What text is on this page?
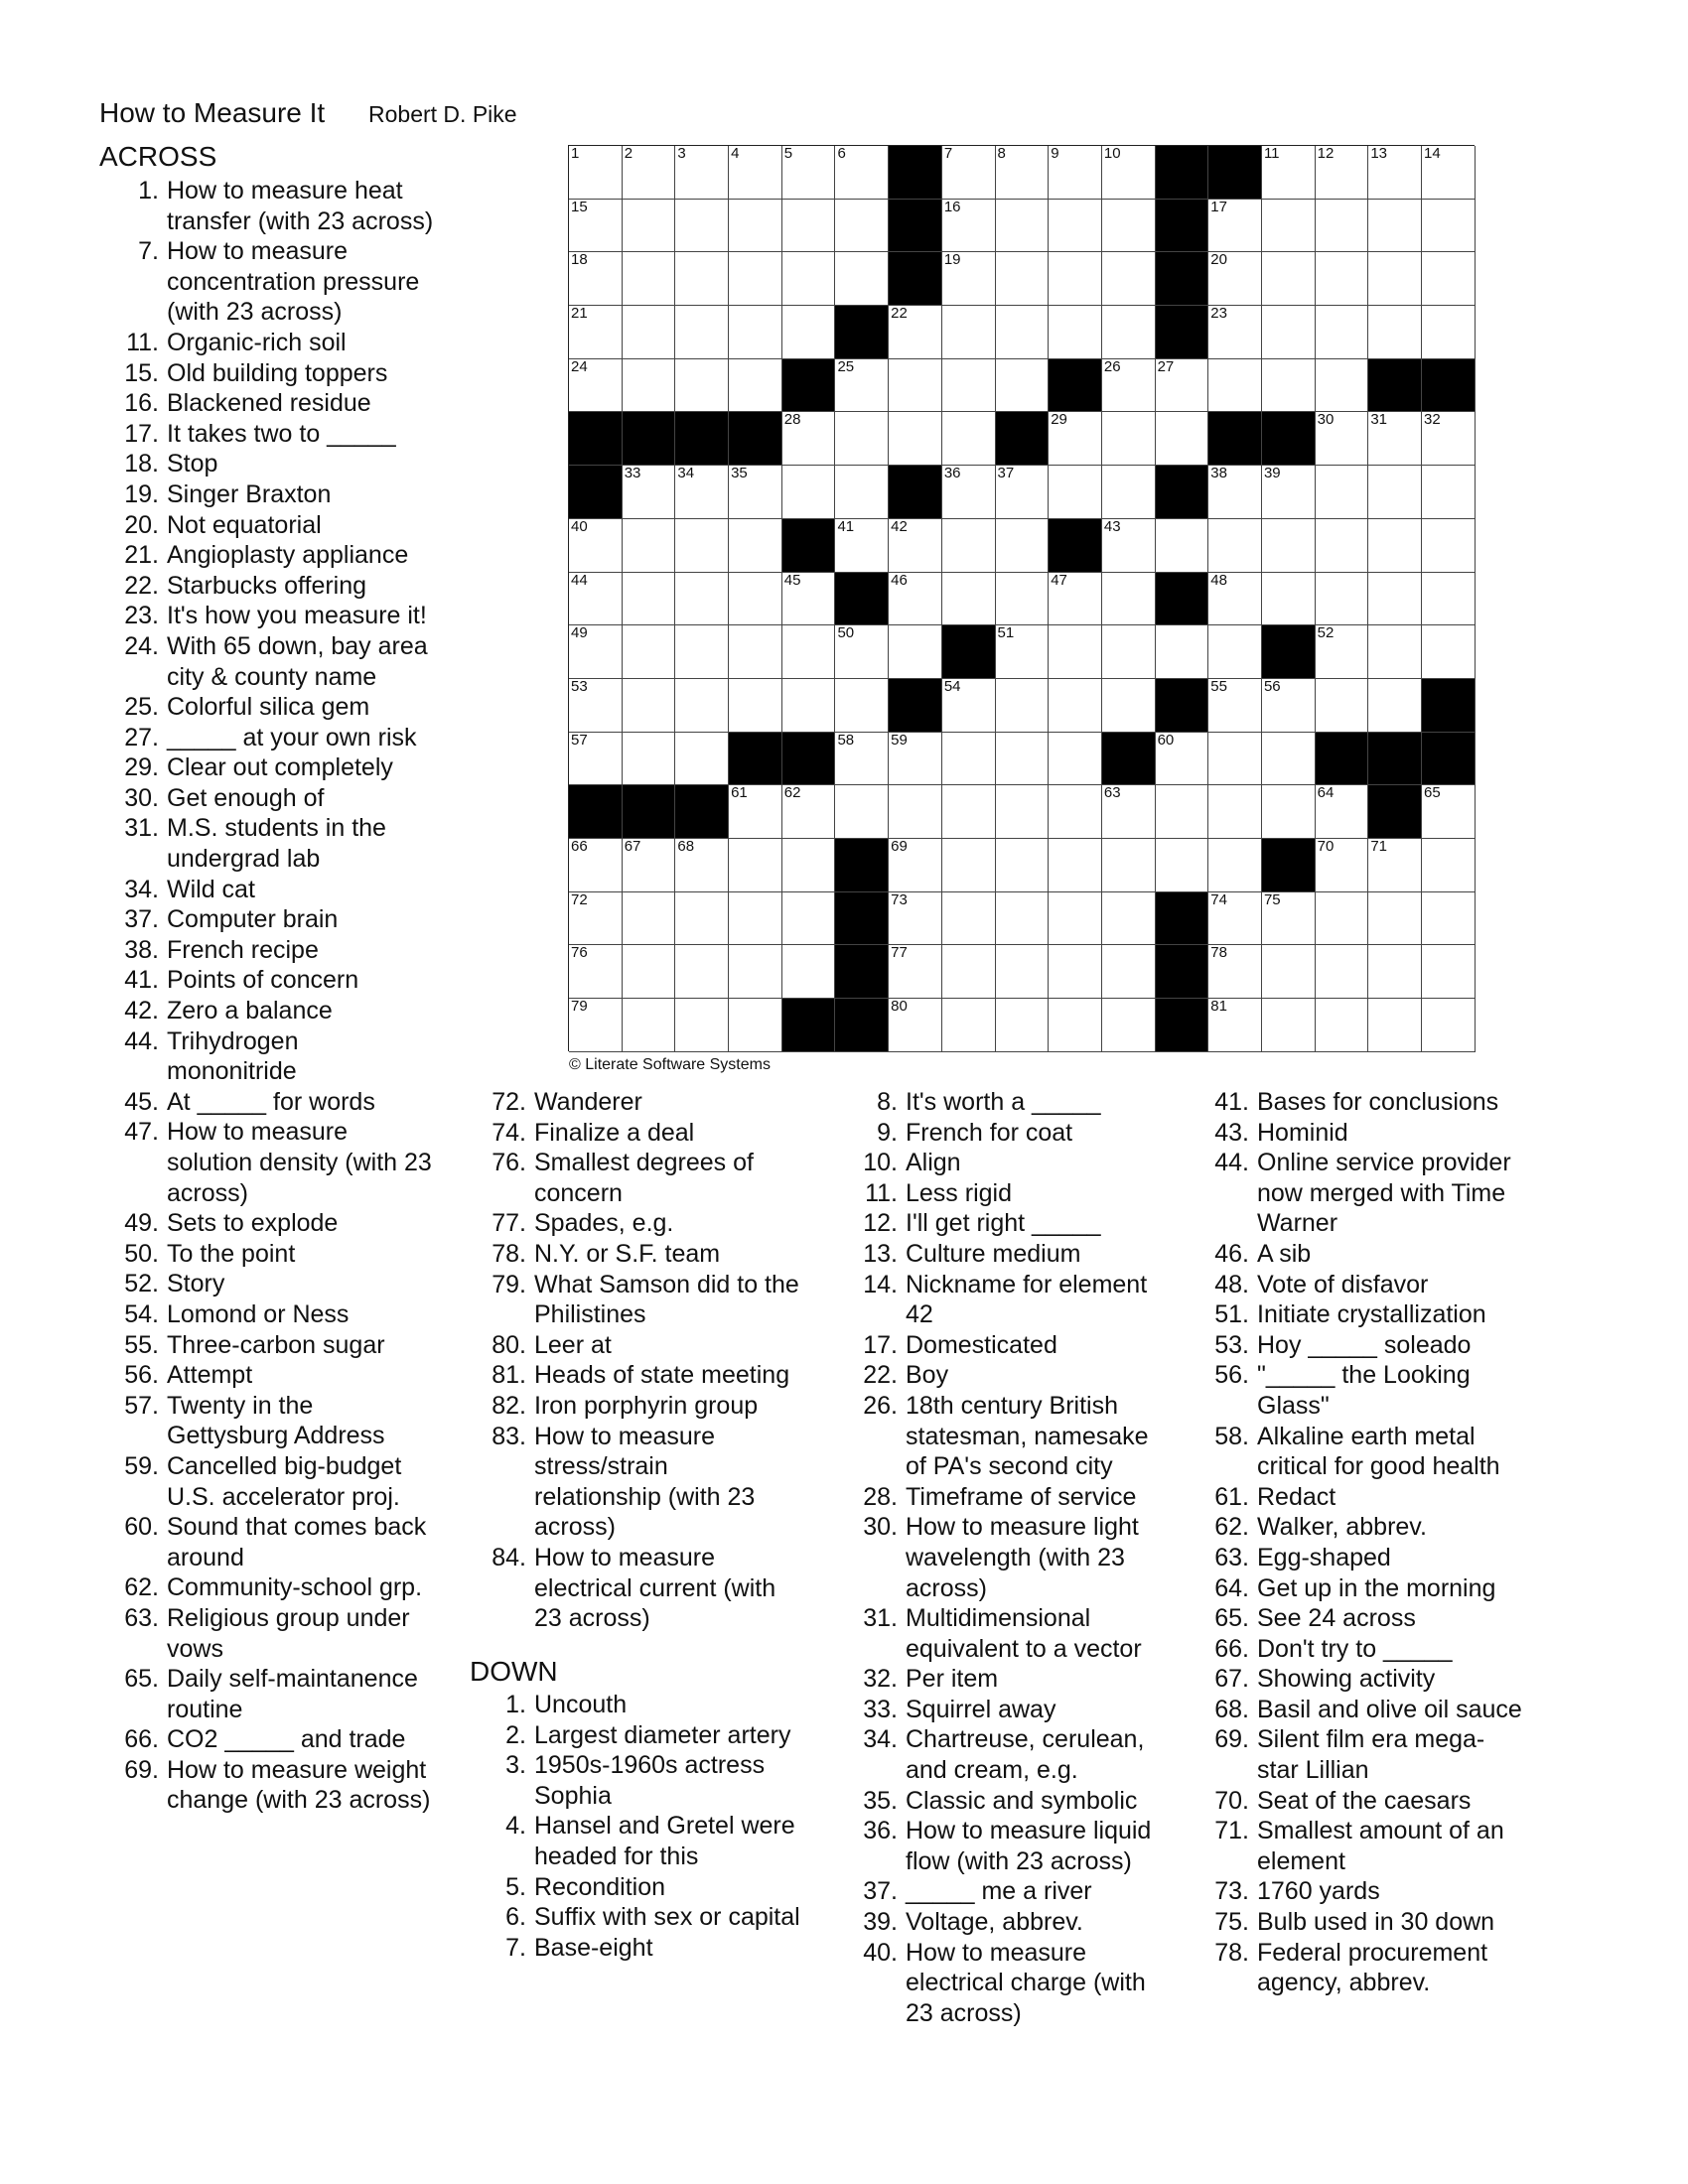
How to Measure It Robert D. Pike
ACROSS
1. How to measure heat
transfer (with 23 across)
7. How to measure
concentration pressure
(with 23 across)
11. Organic-rich soil
15. Old building toppers
16. Blackened residue
17. It takes two to _____
18. Stop
19. Singer Braxton
20. Not equatorial
21. Angioplasty appliance
22. Starbucks offering
23. It's how you measure it!
24. With 65 down, bay area
city & county name
25. Colorful silica gem
27. _____ at your own risk
29. Clear out completely
30. Get enough of
31. M.S. students in the
undergrad lab
34. Wild cat
37. Computer brain
38. French recipe
41. Points of concern
42. Zero a balance
44. Trihydrogen
mononitride
45. At _____ for words
47. How to measure
solution density (with 23
across)
49. Sets to explode
50. To the point
52. Story
54. Lomond or Ness
55. Three-carbon sugar
56. Attempt
57. Twenty in the
Gettysburg Address
59. Cancelled big-budget
U.S. accelerator proj.
60. Sound that comes back
around
62. Community-school grp.
63. Religious group under
vows
65. Daily self-maintanence
routine
66. CO2 _____ and trade
69. How to measure weight
change (with 23 across)
72. Wanderer
74. Finalize a deal
76. Smallest degrees of
concern
77. Spades, e.g.
78. N.Y. or S.F. team
79. What Samson did to the
Philistines
80. Leer at
81. Heads of state meeting
82. Iron porphyrin group
83. How to measure
stress/strain
relationship (with 23
across)
84. How to measure
electrical current (with
23 across)
DOWN
1. Uncouth
2. Largest diameter artery
3. 1950s-1960s actress
Sophia
4. Hansel and Gretel were
headed for this
5. Recondition
6. Suffix with sex or capital
7. Base-eight
8. It's worth a _____
9. French for coat
10. Align
11. Less rigid
12. I'll get right _____
13. Culture medium
14. Nickname for element
42
17. Domesticated
22. Boy
26. 18th century British
statesman, namesake
of PA's second city
28. Timeframe of service
30. How to measure light
wavelength (with 23
across)
31. Multidimensional
equivalent to a vector
32. Per item
33. Squirrel away
34. Chartreuse, cerulean,
and cream, e.g.
35. Classic and symbolic
36. How to measure liquid
flow (with 23 across)
37. _____ me a river
39. Voltage, abbrev.
40. How to measure
electrical charge (with
23 across)
41. Bases for conclusions
43. Hominid
44. Online service provider
now merged with Time
Warner
46. A sib
48. Vote of disfavor
51. Initiate crystallization
53. Hoy _____ soleado
56. "_____ the Looking
Glass"
58. Alkaline earth metal
critical for good health
61. Redact
62. Walker, abbrev.
63. Egg-shaped
64. Get up in the morning
65. See 24 across
66. Don't try to _____
67. Showing activity
68. Basil and olive oil sauce
69. Silent film era mega-
star Lillian
70. Seat of the caesars
71. Smallest amount of an
element
73. 1760 yards
75. Bulb used in 30 down
78. Federal procurement
agency, abbrev.
1	2	3	4	5	6	7	8	9	10	11	12 13 14
15	16	17
18	19	20
21	22	23
24	25	26 27
28	29	30 31 32
33 34 35	36 37	38 39
40	41 42	43
44	45	46	47	48
49	50	51	52
53	54	55 56
57	58 59	60
61 62	63	64	65
66 67 68	69	70 71
72	73	74 75
76	77	78
79	80	81
© Literate Software Systems
